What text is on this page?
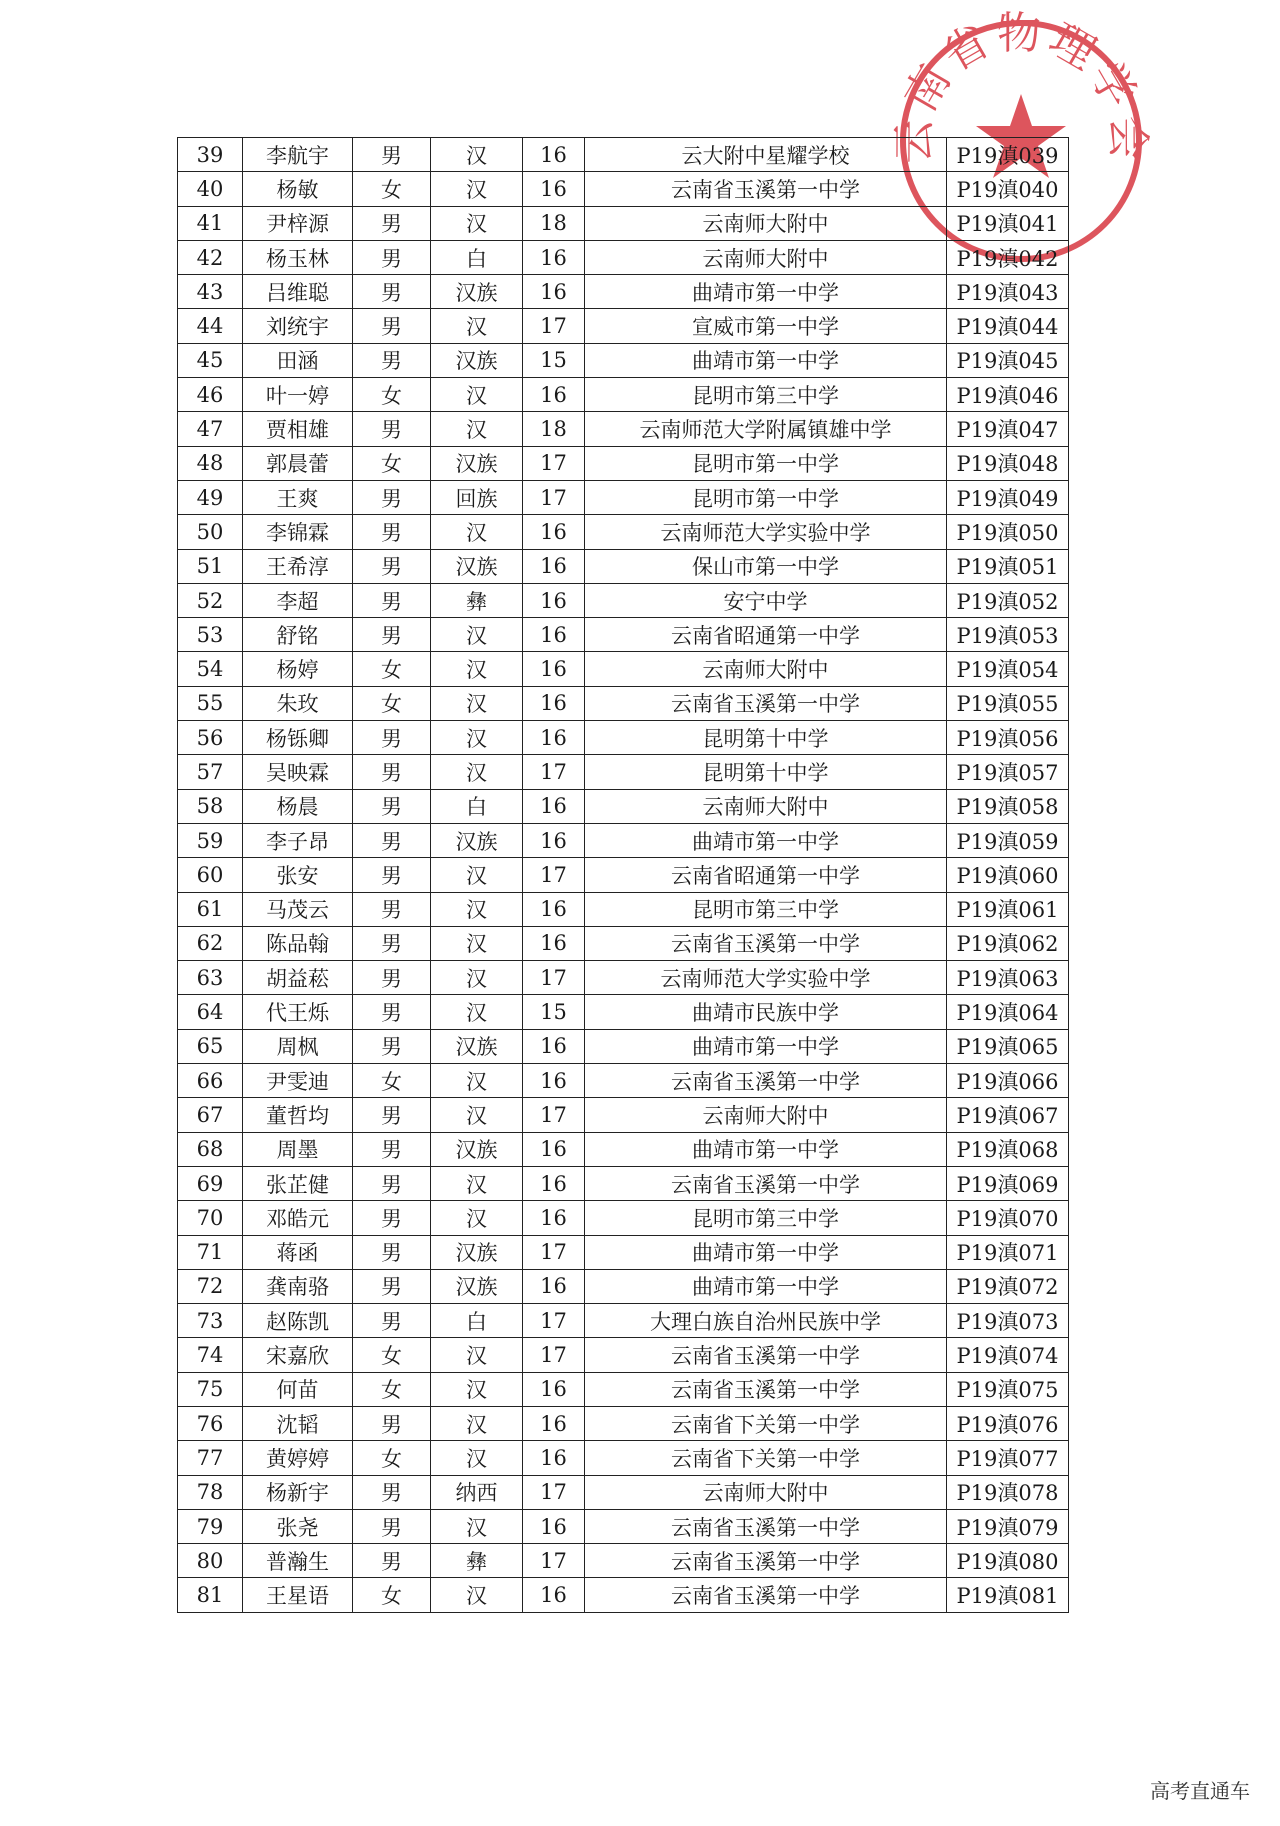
云南省物理学会
39	李航宇	男	汉	16	云大附中星耀学校	P19滇039
40	杨敏	女	汉	16	云南省玉溪第一中学	P19滇040
41	尹梓源	男	汉	18	云南师大附中	P19滇041
42	杨玉林	男	白	16	云南师大附中	P19滇042
43	吕维聪	男	汉族	16	曲靖市第一中学	P19滇043
44	刘统宇	男	汉	17	宣威市第一中学	P19滇044
45	田涵	男	汉族	15	曲靖市第一中学	P19滇045
46	叶一婷	女	汉	16	昆明市第三中学	P19滇046
47	贾相雄	男	汉	18	云南师范大学附属镇雄中学	P19滇047
48	郭晨蕾	女	汉族	17	昆明市第一中学	P19滇048
49	王爽	男	回族	17	昆明市第一中学	P19滇049
50	李锦霖	男	汉	16	云南师范大学实验中学	P19滇050
51	王希淳	男	汉族	16	保山市第一中学	P19滇051
52	李超	男	彝	16	安宁中学	P19滇052
53	舒铭	男	汉	16	云南省昭通第一中学	P19滇053
54	杨婷	女	汉	16	云南师大附中	P19滇054
55	朱玫	女	汉	16	云南省玉溪第一中学	P19滇055
56	杨铄卿	男	汉	16	昆明第十中学	P19滇056
57	吴映霖	男	汉	17	昆明第十中学	P19滇057
58	杨晨	男	白	16	云南师大附中	P19滇058
59	李子昂	男	汉族	16	曲靖市第一中学	P19滇059
60	张安	男	汉	17	云南省昭通第一中学	P19滇060
61	马茂云	男	汉	16	昆明市第三中学	P19滇061
62	陈品翰	男	汉	16	云南省玉溪第一中学	P19滇062
63	胡益菘	男	汉	17	云南师范大学实验中学	P19滇063
64	代王烁	男	汉	15	曲靖市民族中学	P19滇064
65	周枫	男	汉族	16	曲靖市第一中学	P19滇065
66	尹雯迪	女	汉	16	云南省玉溪第一中学	P19滇066
67	董哲均	男	汉	17	云南师大附中	P19滇067
68	周墨	男	汉族	16	曲靖市第一中学	P19滇068
69	张芷健	男	汉	16	云南省玉溪第一中学	P19滇069
70	邓皓元	男	汉	16	昆明市第三中学	P19滇070
71	蒋函	男	汉族	17	曲靖市第一中学	P19滇071
72	龚南骆	男	汉族	16	曲靖市第一中学	P19滇072
73	赵陈凯	男	白	17	大理白族自治州民族中学	P19滇073
74	宋嘉欣	女	汉	17	云南省玉溪第一中学	P19滇074
75	何苗	女	汉	16	云南省玉溪第一中学	P19滇075
76	沈韬	男	汉	16	云南省下关第一中学	P19滇076
77	黄婷婷	女	汉	16	云南省下关第一中学	P19滇077
78	杨新宇	男	纳西	17	云南师大附中	P19滇078
79	张尧	男	汉	16	云南省玉溪第一中学	P19滇079
80	普瀚生	男	彝	17	云南省玉溪第一中学	P19滇080
81	王星语	女	汉	16	云南省玉溪第一中学	P19滇081
高考直通车
